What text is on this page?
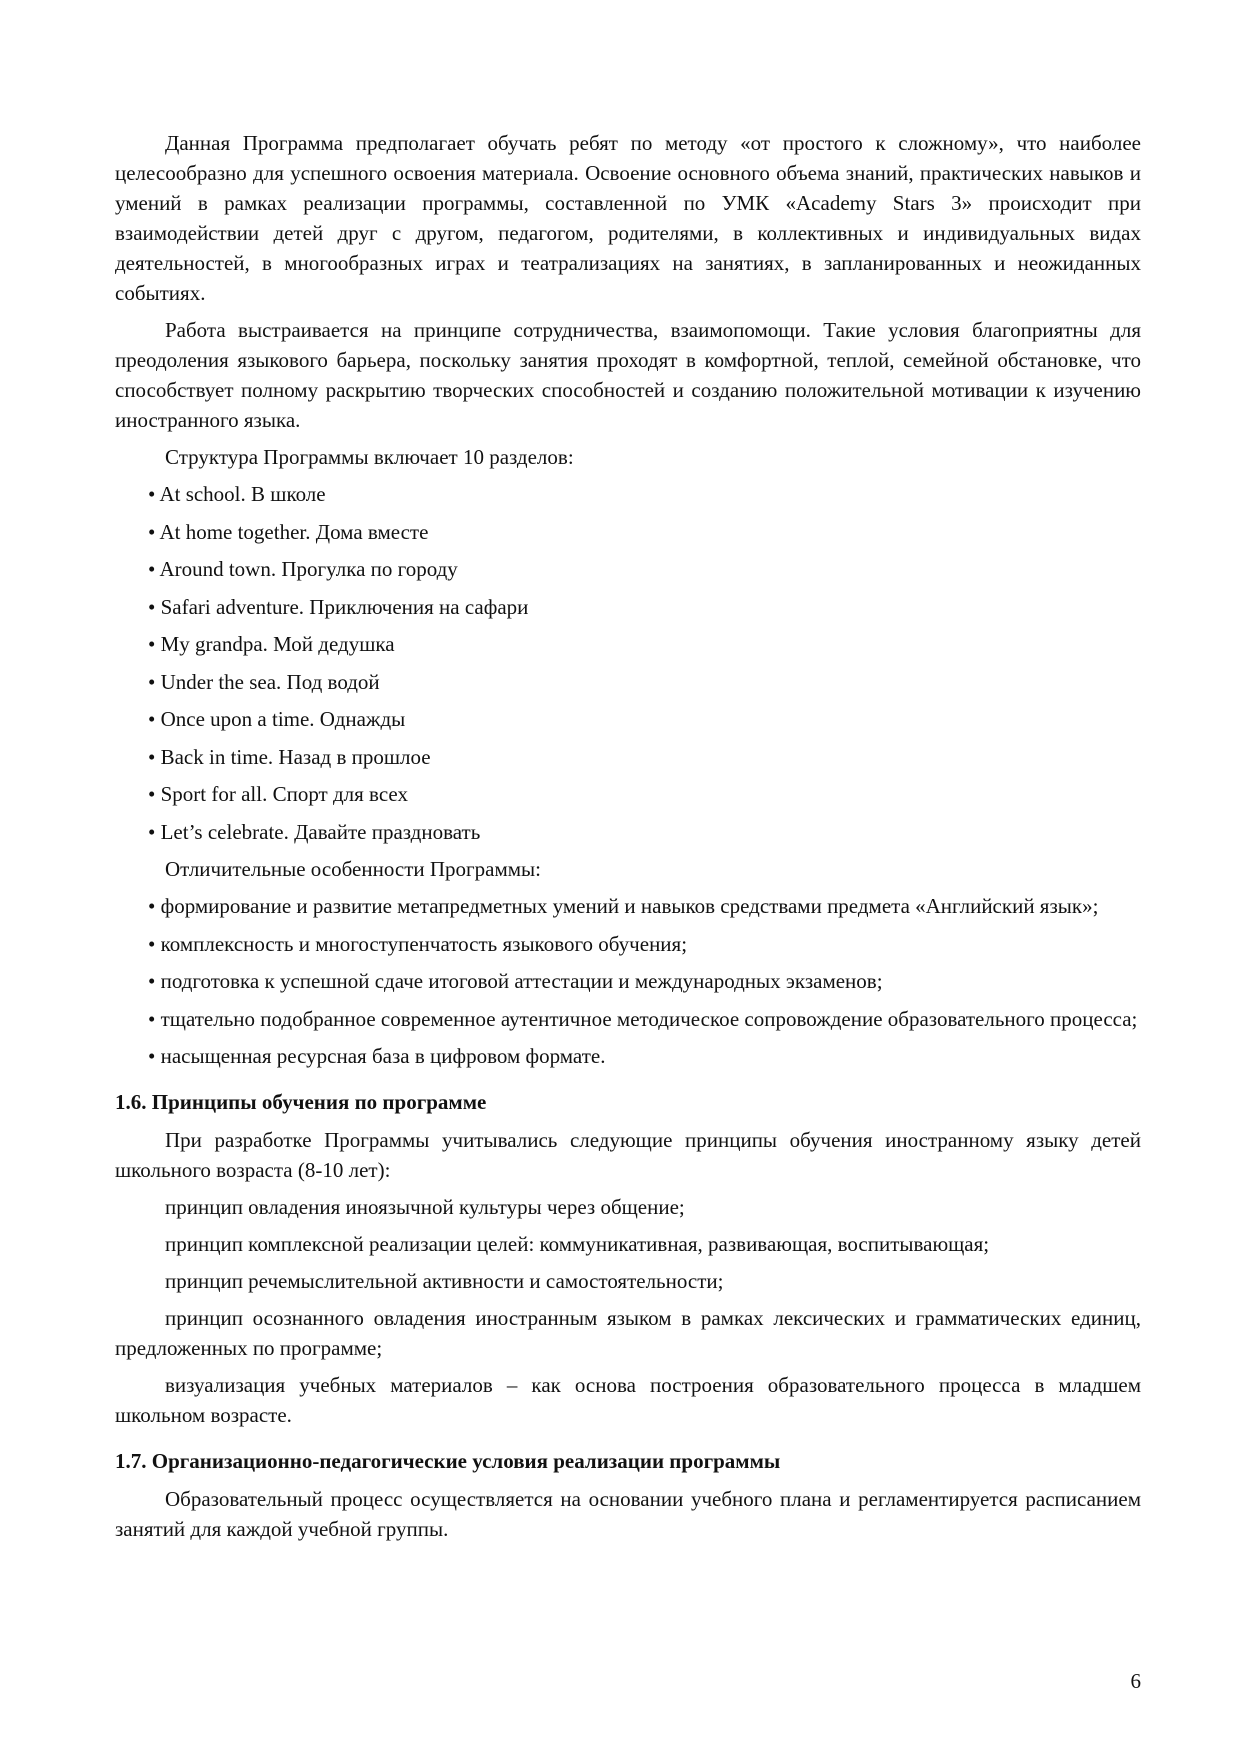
Данная Программа предполагает обучать ребят по методу «от простого к сложному», что наиболее целесообразно для успешного освоения материала. Освоение основного объема знаний, практических навыков и умений в рамках реализации программы, составленной по УМК «Academy Stars 3» происходит при взаимодействии детей друг с другом, педагогом, родителями, в коллективных и индивидуальных видах деятельностей, в многообразных играх и театрализациях на занятиях, в запланированных и неожиданных событиях.

Работа выстраивается на принципе сотрудничества, взаимопомощи. Такие условия благоприятны для преодоления языкового барьера, поскольку занятия проходят в комфортной, теплой, семейной обстановке, что способствует полному раскрытию творческих способностей и созданию положительной мотивации к изучению иностранного языка.

Структура Программы включает 10 разделов:

• At school. В школе

• At home together. Дома вместе

• Around town. Прогулка по городу

• Safari adventure. Приключения на сафари

• My grandpa. Мой дедушка

• Under the sea. Под водой

• Once upon a time. Однажды

• Back in time. Назад в прошлое

• Sport for all. Спорт для всех

• Let’s celebrate. Давайте праздновать

Отличительные особенности Программы:

• формирование и развитие метапредметных умений и навыков средствами предмета «Английский язык»;

• комплексность и многоступенчатость языкового обучения;

• подготовка к успешной сдаче итоговой аттестации и международных экзаменов;

• тщательно подобранное современное аутентичное методическое сопровождение образовательного процесса;

• насыщенная ресурсная база в цифровом формате.

1.6. Принципы обучения по программе

При разработке Программы учитывались следующие принципы обучения иностранному языку детей школьного возраста (8-10 лет):

принцип овладения иноязычной культуры через общение;

принцип комплексной реализации целей: коммуникативная, развивающая, воспитывающая;

принцип речемыслительной активности и самостоятельности;

принцип осознанного овладения иностранным языком в рамках лексических и грамматических единиц, предложенных по программе;

визуализация учебных материалов – как основа построения образовательного процесса в младшем школьном возрасте.

1.7. Организационно-педагогические условия реализации программы

Образовательный процесс осуществляется на основании учебного плана и регламентируется расписанием занятий для каждой учебной группы.

6
